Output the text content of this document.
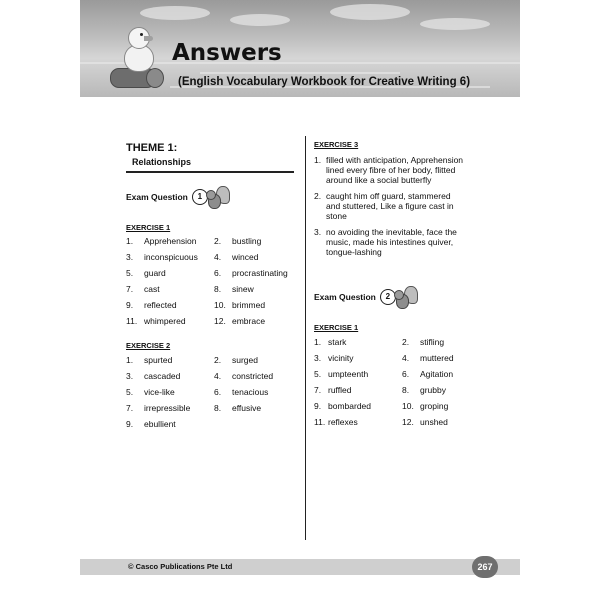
Answers

(English Vocabulary Workbook for Creative Writing 6)

THEME 1:
Relationships
Exam Question	1
EXERCISE 1
1. Apprehension 2. bustling
3. inconspicuous 4. winced
5. guard	6. procrastinating
7. cast	8. sinew
9. reflected	10. brimmed
11. whimpered	12. embrace
EXERCISE 2
1. spurted	2. surged
3. cascaded	4. constricted
5. vice-like	6. tenacious
7. irrepressible	8. effusive
9. ebullient
EXERCISE 3
1. filled with anticipation, Apprehension
lined every fibre of her body, flitted
around like a social butterfly
2. caught him off guard, stammered
and stuttered, Like a figure cast in
stone
3. no avoiding the inevitable, face the
music, made his intestines quiver,
tongue-lashing
Exam Question	2
EXERCISE 1
1. stark	2. stifling
3. vicinity	4. muttered
5. umpteenth	6. Agitation
7. ruffled	8. grubby
9. bombarded	10. groping
11. reflexes	12. unshed
© Casco Publications Pte Ltd	267
